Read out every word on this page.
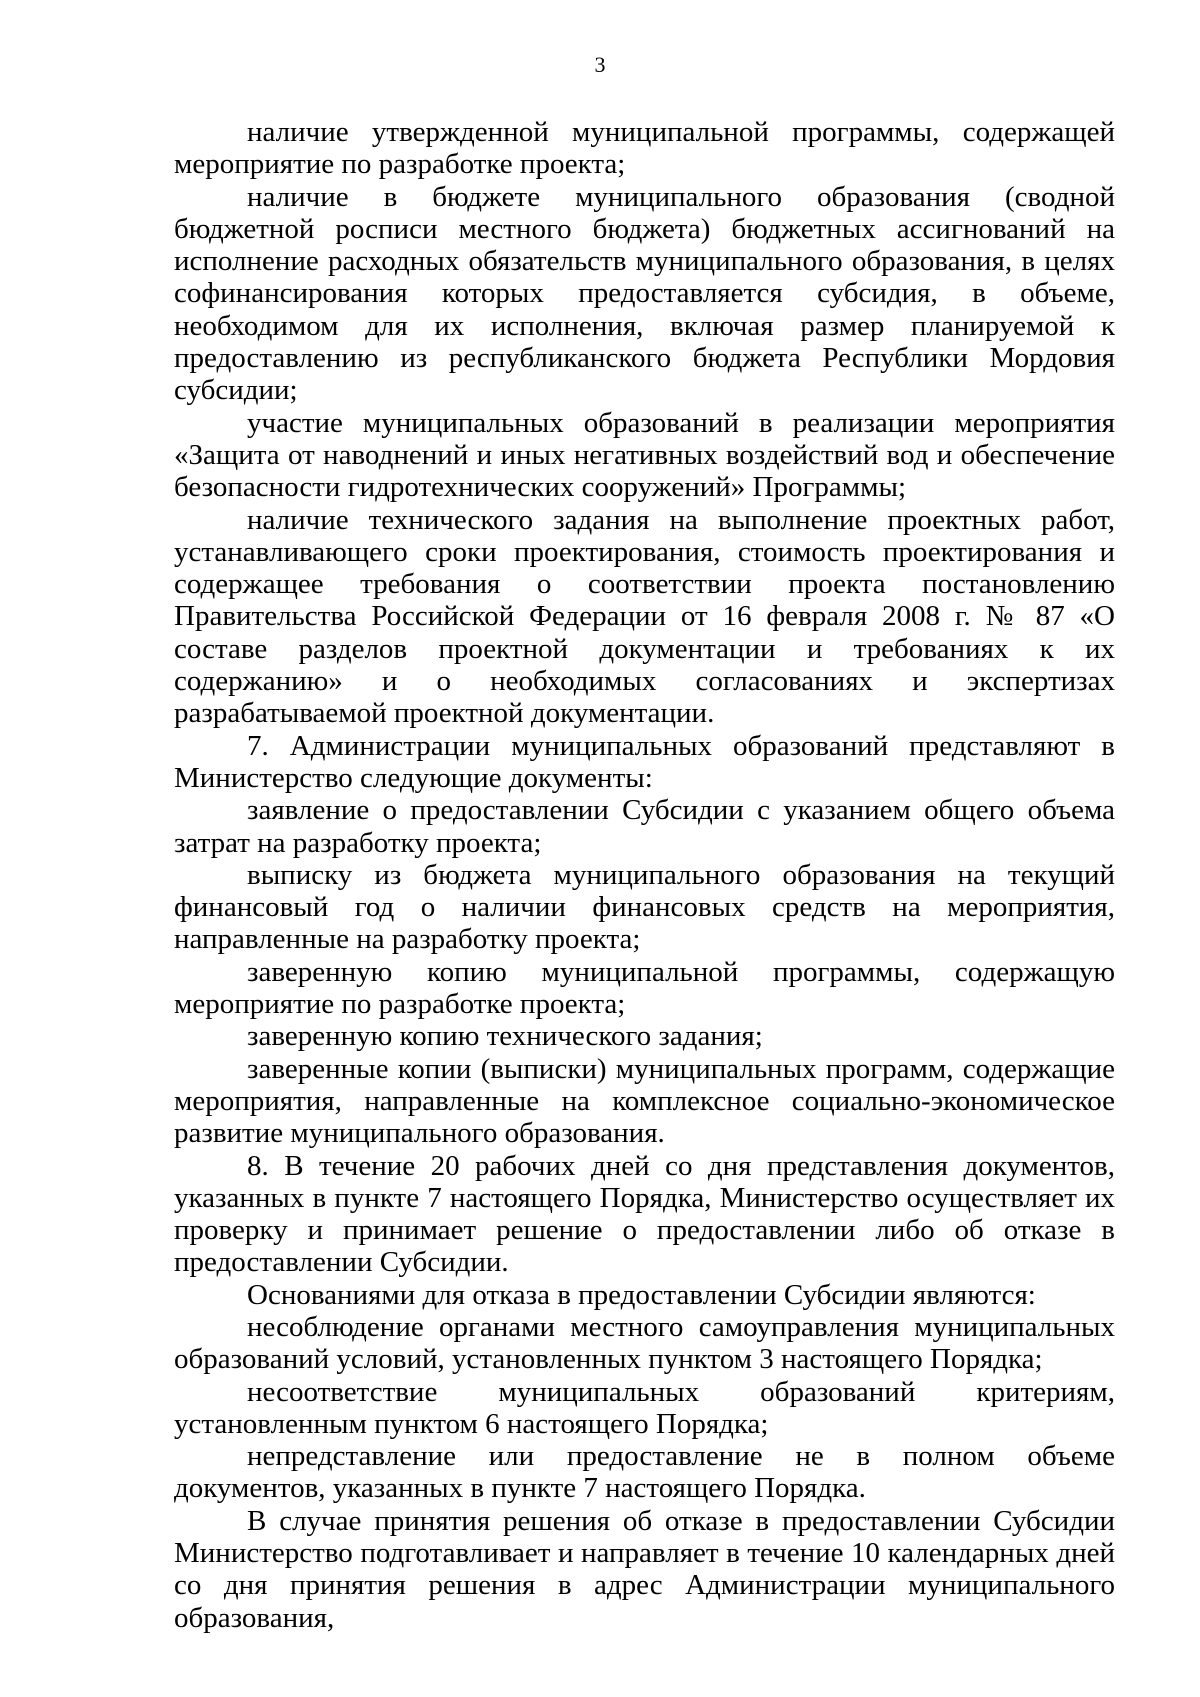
3

наличие утвержденной муниципальной программы, содержащей мероприятие по разработке проекта;

наличие в бюджете муниципального образования (сводной бюджетной росписи местного бюджета) бюджетных ассигнований на исполнение расходных обязательств муниципального образования, в целях софинансирования которых предоставляется субсидия, в объеме, необходимом для их исполнения, включая размер планируемой к предоставлению из республиканского бюджета Республики Мордовия субсидии;

участие муниципальных образований в реализации мероприятия «Защита от наводнений и иных негативных воздействий вод и обеспечение безопасности гидротехнических сооружений» Программы;

наличие технического задания на выполнение проектных работ, устанавливающего сроки проектирования, стоимость проектирования и содержащее требования о соответствии проекта постановлению Правительства Российской Федерации от 16 февраля 2008 г. № 87 «О составе разделов проектной документации и требованиях к их содержанию» и о необходимых согласованиях и экспертизах разрабатываемой проектной документации.

7. Администрации муниципальных образований представляют в Министерство следующие документы:

заявление о предоставлении Субсидии с указанием общего объема затрат на разработку проекта;

выписку из бюджета муниципального образования на текущий финансовый год о наличии финансовых средств на мероприятия, направленные на разработку проекта;

заверенную копию муниципальной программы, содержащую мероприятие по разработке проекта;

заверенную копию технического задания;

заверенные копии (выписки) муниципальных программ, содержащие мероприятия, направленные на комплексное социально-экономическое развитие муниципального образования.

8. В течение 20 рабочих дней со дня представления документов, указанных в пункте 7 настоящего Порядка, Министерство осуществляет их проверку и принимает решение о предоставлении либо об отказе в предоставлении Субсидии.

Основаниями для отказа в предоставлении Субсидии являются:

несоблюдение органами местного самоуправления муниципальных образований условий, установленных пунктом 3 настоящего Порядка;

несоответствие муниципальных образований критериям, установленным пунктом 6 настоящего Порядка;

непредставление или предоставление не в полном объеме документов, указанных в пункте 7 настоящего Порядка.

В случае принятия решения об отказе в предоставлении Субсидии Министерство подготавливает и направляет в течение 10 календарных дней со дня принятия решения в адрес Администрации муниципального образования,
